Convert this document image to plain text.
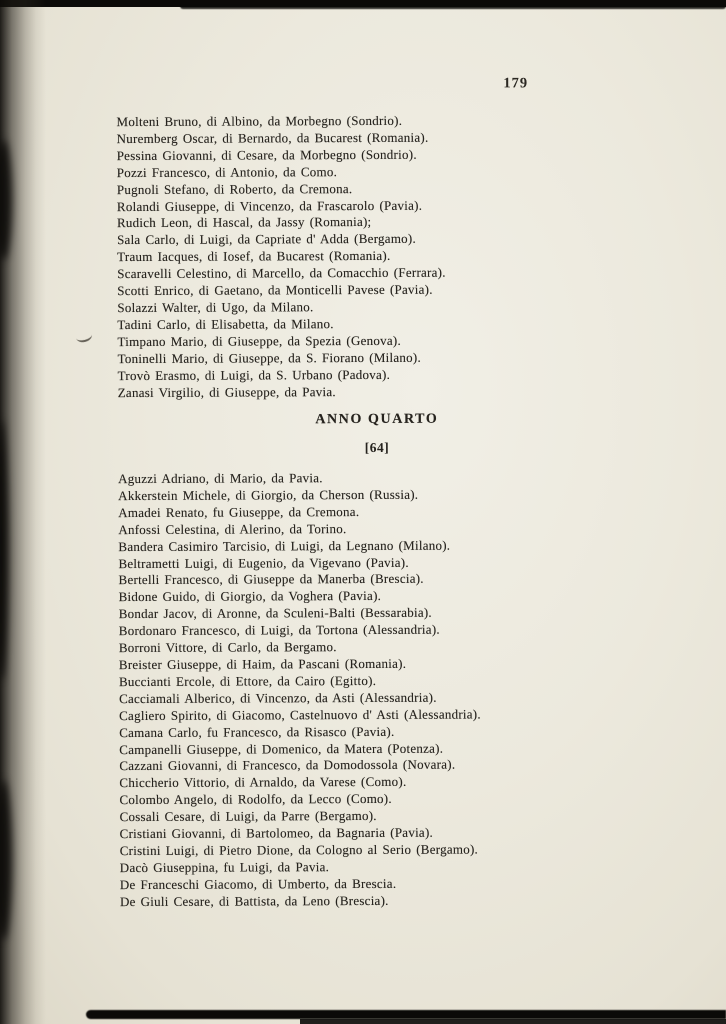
179
Molteni Bruno, di Albino, da Morbegno (Sondrio).
Nuremberg Oscar, di Bernardo, da Bucarest (Romania).
Pessina Giovanni, di Cesare, da Morbegno (Sondrio).
Pozzi Francesco, di Antonio, da Como.
Pugnoli Stefano, di Roberto, da Cremona.
Rolandi Giuseppe, di Vincenzo, da Frascarolo (Pavia).
Rudich Leon, di Hascal, da Jassy (Romania);
Sala Carlo, di Luigi, da Capriate d' Adda (Bergamo).
Traum Iacques, di Iosef, da Bucarest (Romania).
Scaravelli Celestino, di Marcello, da Comacchio (Ferrara).
Scotti Enrico, di Gaetano, da Monticelli Pavese (Pavia).
Solazzi Walter, di Ugo, da Milano.
Tadini Carlo, di Elisabetta, da Milano.
Timpano Mario, di Giuseppe, da Spezia (Genova).
Toninelli Mario, di Giuseppe, da S. Fiorano (Milano).
Trovò Erasmo, di Luigi, da S. Urbano (Padova).
Zanasi Virgilio, di Giuseppe, da Pavia.
ANNO QUARTO
[64]
Aguzzi Adriano, di Mario, da Pavia.
Akkerstein Michele, di Giorgio, da Cherson (Russia).
Amadei Renato, fu Giuseppe, da Cremona.
Anfossi Celestina, di Alerino, da Torino.
Bandera Casimiro Tarcisio, di Luigi, da Legnano (Milano).
Beltrametti Luigi, di Eugenio, da Vigevano (Pavia).
Bertelli Francesco, di Giuseppe da Manerba (Brescia).
Bidone Guido, di Giorgio, da Voghera (Pavia).
Bondar Jacov, di Aronne, da Sculeni-Balti (Bessarabia).
Bordonaro Francesco, di Luigi, da Tortona (Alessandria).
Borroni Vittore, di Carlo, da Bergamo.
Breister Giuseppe, di Haim, da Pascani (Romania).
Buccianti Ercole, di Ettore, da Cairo (Egitto).
Cacciamali Alberico, di Vincenzo, da Asti (Alessandria).
Cagliero Spirito, di Giacomo, Castelnuovo d' Asti (Alessandria).
Camana Carlo, fu Francesco, da Risasco (Pavia).
Campanelli Giuseppe, di Domenico, da Matera (Potenza).
Cazzani Giovanni, di Francesco, da Domodossola (Novara).
Chiccherio Vittorio, di Arnaldo, da Varese (Como).
Colombo Angelo, di Rodolfo, da Lecco (Como).
Cossali Cesare, di Luigi, da Parre (Bergamo).
Cristiani Giovanni, di Bartolomeo, da Bagnaria (Pavia).
Cristini Luigi, di Pietro Dione, da Cologno al Serio (Bergamo).
Dacò Giuseppina, fu Luigi, da Pavia.
De Franceschi Giacomo, di Umberto, da Brescia.
De Giuli Cesare, di Battista, da Leno (Brescia).
